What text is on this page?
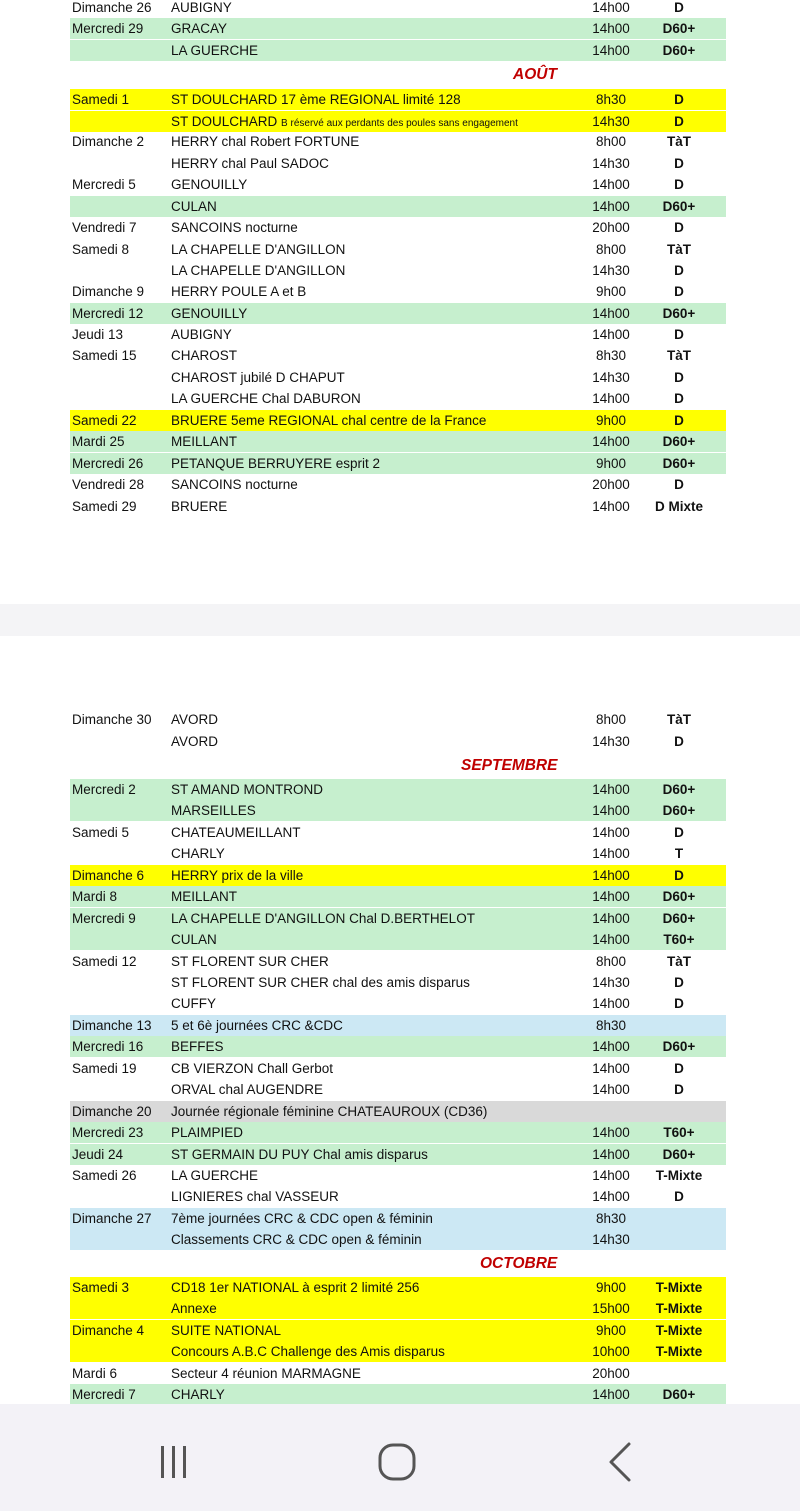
AOÛT
Dimanche 26 AUBIGNY	14h00	D
Mercredi 29 GRACAY	14h00	D60+
LA GUERCHE	14h00	D60+
Samedi 1	ST DOULCHARD 17 ème REGIONAL limité 128	8h30	D
ST DOULCHARD B réservé aux perdants des poules sans engagement	14h30	D
Dimanche 2 HERRY chal Robert FORTUNE	8h00	TàT
HERRY chal Paul SADOC	14h30	D
Mercredi 5	GENOUILLY	14h00	D
CULAN	14h00	D60+
Vendredi 7	SANCOINS nocturne	20h00	D
Samedi 8	LA CHAPELLE D'ANGILLON	8h00	TàT
LA CHAPELLE D'ANGILLON	14h30	D
Dimanche 9 HERRY POULE A et B	9h00	D
Mercredi 12 GENOUILLY	14h00	D60+
Jeudi 13	AUBIGNY	14h00	D
Samedi 15	CHAROST	8h30	TàT
CHAROST jubilé D CHAPUT	14h30	D
LA GUERCHE Chal DABURON	14h00	D
Samedi 22	BRUERE 5eme REGIONAL chal centre de la France	9h00	D
Mardi 25	MEILLANT	14h00	D60+
Mercredi 26 PETANQUE BERRUYERE esprit 2	9h00	D60+
Vendredi 28 SANCOINS nocturne	20h00	D
Samedi 29	BRUERE	14h00	D Mixte
SEPTEMBRE
OCTOBRE
Dimanche 30 AVORD	8h00	TàT
AVORD	14h30	D
Mercredi 2	ST AMAND MONTROND	14h00	D60+
MARSEILLES	14h00	D60+
Samedi 5	CHATEAUMEILLANT	14h00	D
CHARLY	14h00	T
Dimanche 6 HERRY prix de la ville	14h00	D
Mardi 8	MEILLANT	14h00	D60+
Mercredi 9	LA CHAPELLE D'ANGILLON Chal D.BERTHELOT	14h00	D60+
CULAN	14h00	T60+
Samedi 12	ST FLORENT SUR CHER	8h00	TàT
ST FLORENT SUR CHER chal des amis disparus	14h30	D
CUFFY	14h00	D
Dimanche 13 5 et 6è journées CRC &CDC	8h30
Mercredi 16 BEFFES	14h00	D60+
Samedi 19	CB VIERZON Chall Gerbot	14h00	D
ORVAL chal AUGENDRE	14h00	D
Dimanche 20 Journée régionale féminine CHATEAUROUX (CD36)
Mercredi 23 PLAIMPIED	14h00	T60+
Jeudi 24	ST GERMAIN DU PUY Chal amis disparus	14h00	D60+
Samedi 26	LA GUERCHE	14h00	T-Mixte
LIGNIERES chal VASSEUR	14h00	D
Dimanche 27 7ème journées CRC & CDC open & féminin	8h30
Classements CRC & CDC open & féminin	14h30
Samedi 3	CD18 1er NATIONAL à esprit 2 limité 256	9h00	T-Mixte
Annexe	15h00	T-Mixte
Dimanche 4 SUITE NATIONAL	9h00	T-Mixte
Concours A.B.C Challenge des Amis disparus	10h00	T-Mixte
Mardi 6	Secteur 4 réunion MARMAGNE	20h00
Mercredi 7	CHARLY	14h00	D60+
